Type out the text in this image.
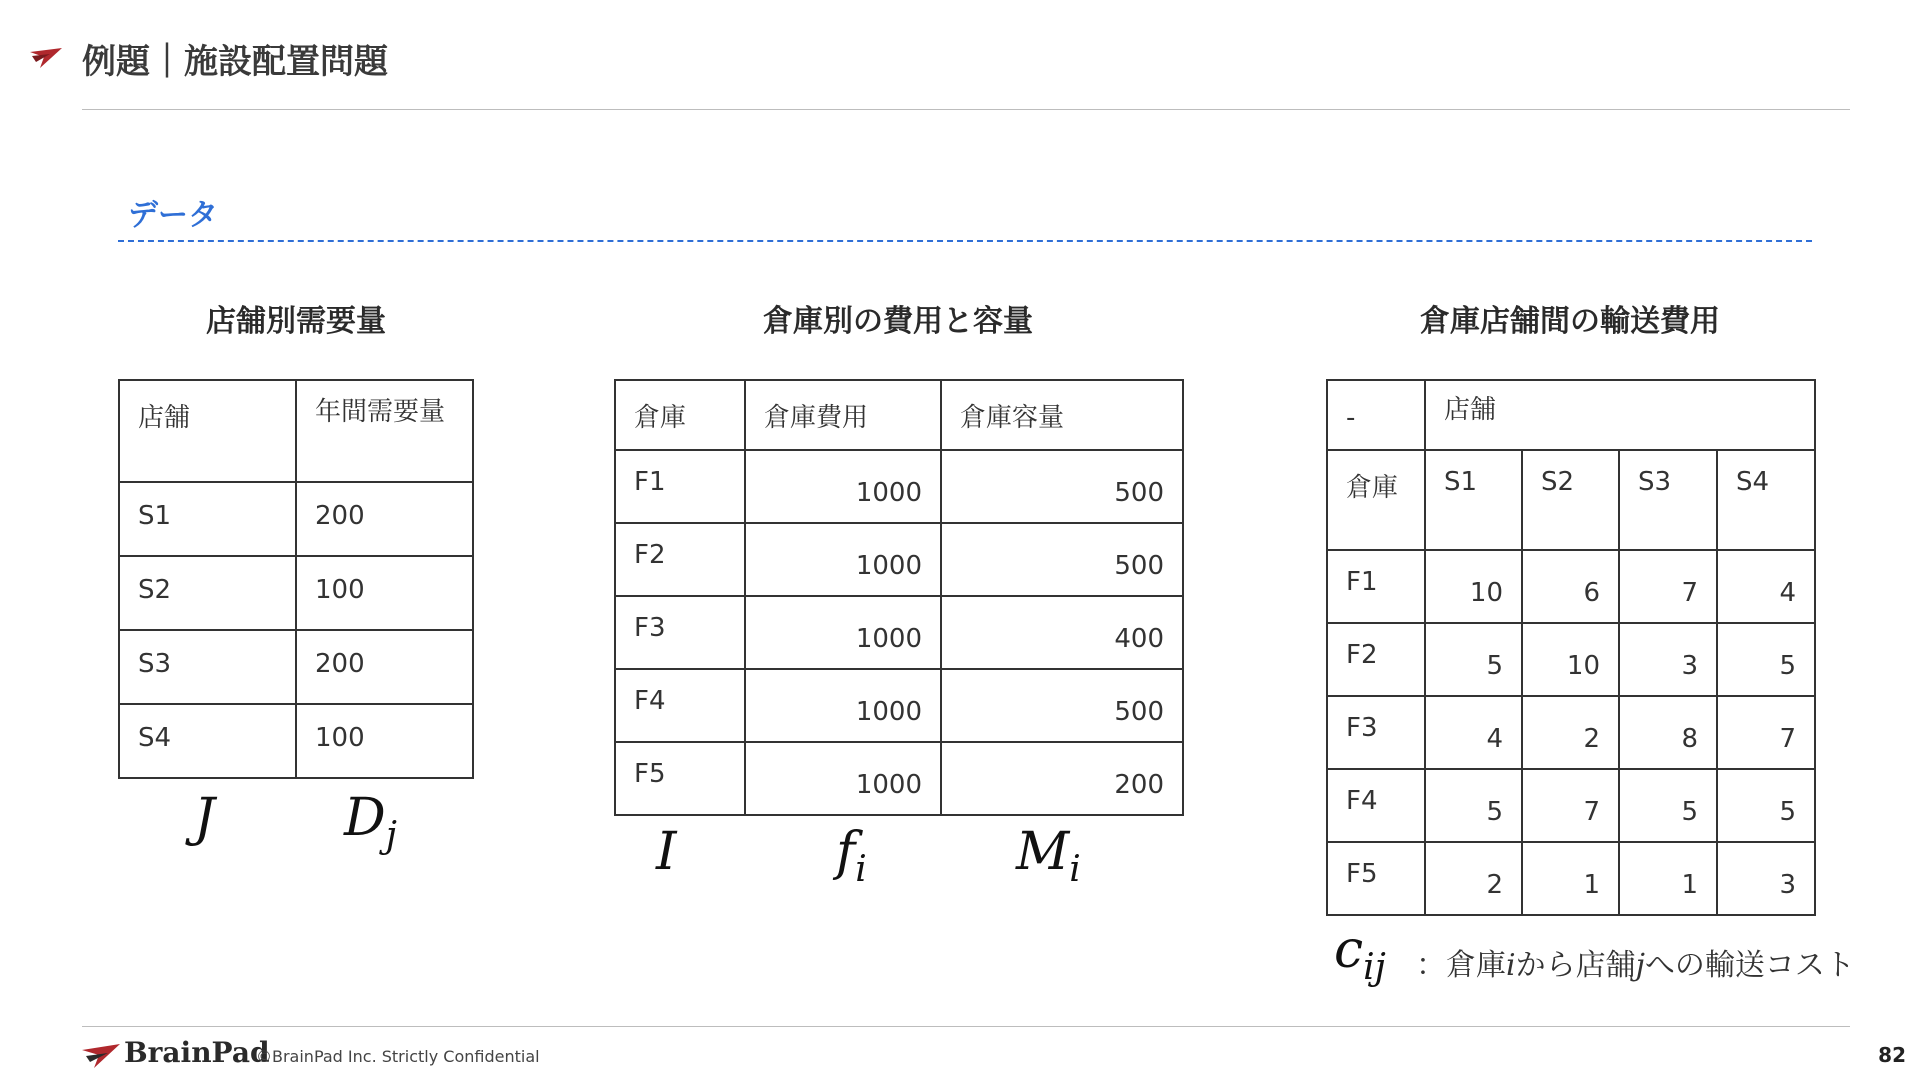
例題｜施設配置問題
データ
店舗別需要量
店舗	年間需要量
S1	200
S2	100
S3	200
S4	100
J $D_j$
倉庫別の費用と容量
倉庫	倉庫費用	倉庫容量
F1	1000	500
F2	1000	500
F3	1000	400
F4	1000	500
F5	1000	200
I	$f_i$	$M_i$
倉庫店舗間の輸送費用
-	店舗			
倉庫	S1	S2	S3	S4
F1	10	6	7	4
F2	5	10	3	5
F3	4	2	8	7
F4	5	7	5	5
F5	2	1	1	3
$c_{ij}$ ：倉庫iから店舗jへの輸送コスト
BrainPad
©BrainPad Inc. Strictly Confidential	82
